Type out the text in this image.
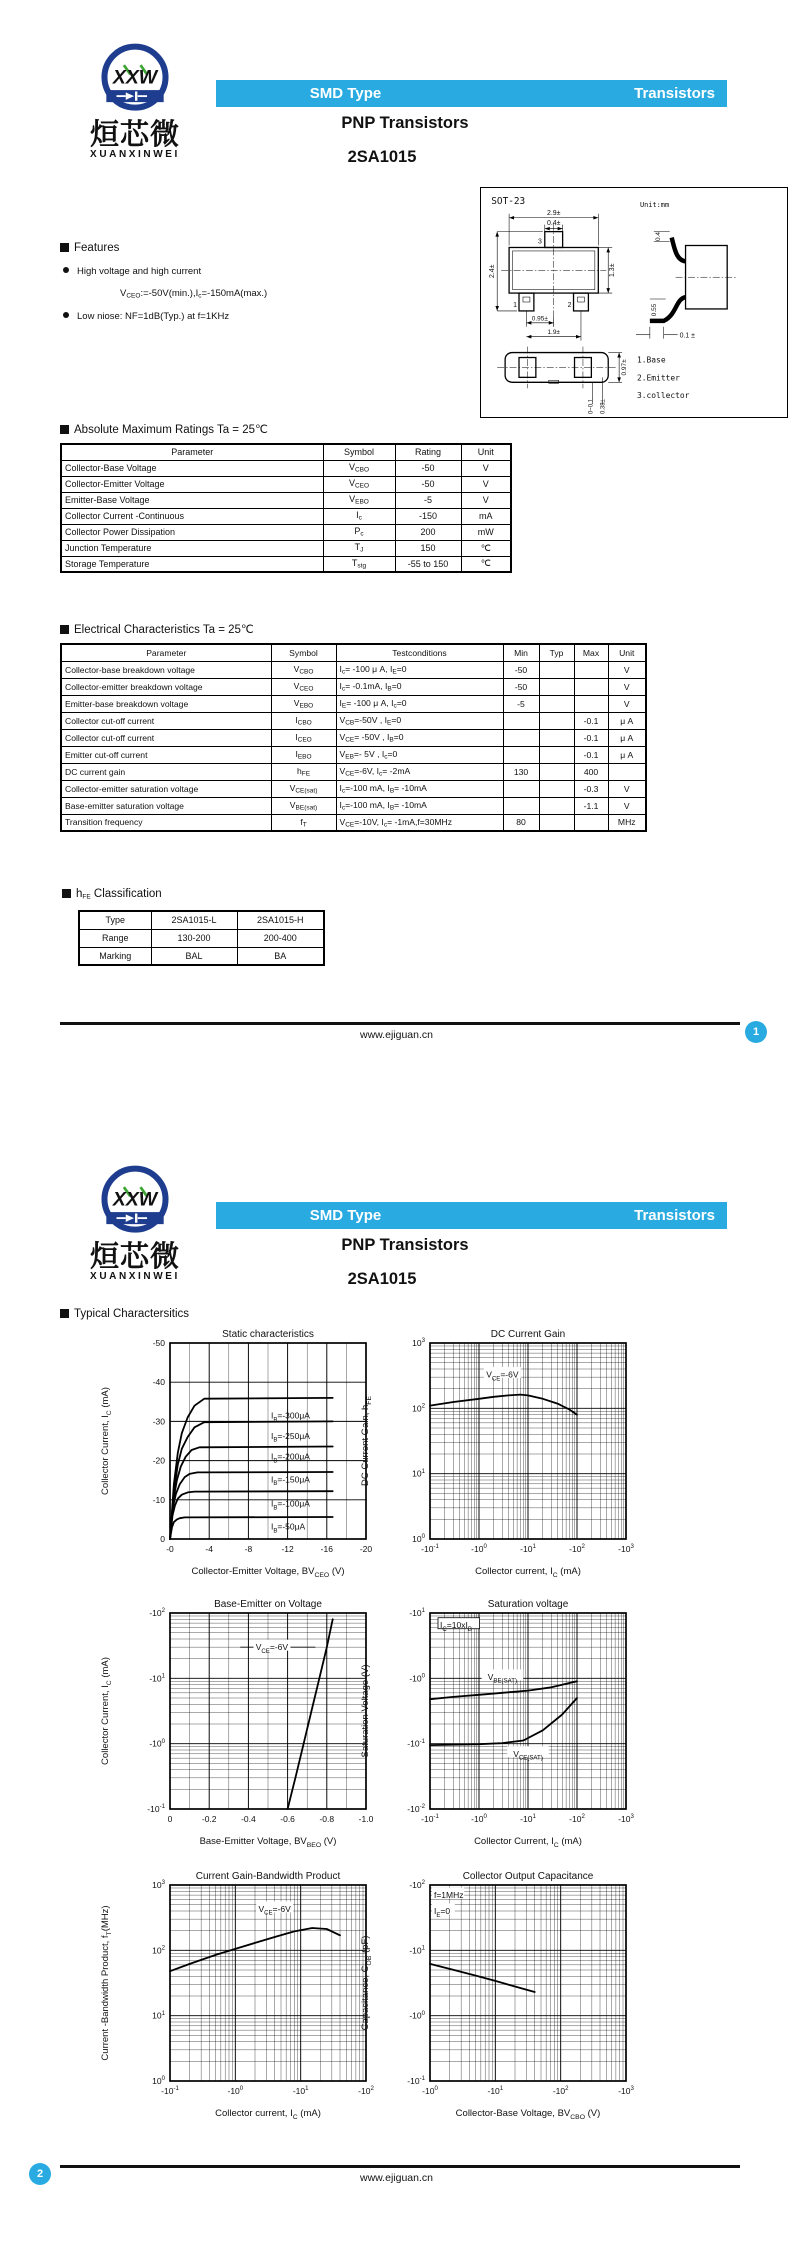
XXW
烜芯微
XUANXINWEI
SMD Type	Transistors
PNP Transistors
2SA1015
Features
High voltage and high current
$V_{CEO}:=-50V(\min.),I_c=-150mA(\max.)$
Low niose: NF=1dB(Typ.) at f=1KHz
SOT-23	Unit:mm
3
1	2
2.9±
0.4±
2.4±	1.3±
0.95±
1.9±
0.4
0.55
0.1 ±
0.97±
0~0.1 0.38±
1.Base
2.Emitter
3.collector
Absolute Maximum Ratings Ta = 25℃
Parameter	Symbol	Rating	Unit
Collector-Base Voltage	$V_{CBO}$	-50	V
Collector-Emitter Voltage	$V_{CEO}$	-50	V
Emitter-Base Voltage	$V_{EBO}$	-5	V
Collector Current -Continuous	$I_c$	-150	mA
Collector Power Dissipation	$P_c$	200	mW
Junction Temperature	$T_J$	150	℃
Storage Temperature	$T_{stg}$	-55 to 150	℃
Electrical Characteristics Ta = 25℃
Parameter	Symbol	Testconditions	Min	Typ	Max	Unit
Collector-base breakdown voltage	$V_{CBO}$	$I_c= -100$ μ A, $I_E=0$	-50			V
Collector-emitter breakdown voltage	$V_{CEO}$	$I_c= -0.1mA$, $I_B=0$	-50			V
Emitter-base breakdown voltage	$V_{EBO}$	$I_E= -100$ μ A, $I_c=0$	-5			V
Collector cut-off current	$I_{CBO}$	$V_{CB}=-50V$ , $I_E=0$			-0.1	μ A
Collector cut-off current	$I_{CEO}$	$V_{CE}= -50V$ , $I_B=0$			-0.1	μ A
Emitter cut-off current	$I_{EBO}$	$V_{EB}=-$ 5V , $I_c=0$			-0.1	μ A
DC current gain	$h_{FE}$	$V_{CE}=-6V$, $I_c= -2mA$	130		400	
Collector-emitter saturation voltage	$V_{CE(sat)}$	$I_c=-100$ mA, $I_B= -10mA$			-0.3	V
Base-emitter saturation voltage	$V_{BE(sat)}$	$I_c=-100$ mA, $I_B= -10mA$			-1.1	V
Transition frequency	$f_T$	$V_{CE}=-10V$, $I_c= -1mA,f=30MHz$	80			MHz
$h_{FE}$ Classification
Type	2SA1015-L	2SA1015-H
Range	130-200	200-400
Marking	BAL	BA
www.ejiguan.cn	1
XXW
烜芯微
XUANXINWEI
SMD Type	Transistors
PNP Transistors
2SA1015
Typical Charactersitics
-0	-4	-8	-12	-16	-20
0
-10
-20
-30
-40
-50
Static characteristics
Collector-Emitter Voltage, $BV_{CEO}$ (V)
Collector Current, $I_C$ (mA)
$I_B=-300\mu A$
$I_B=-250\mu A$
$I_B=-200\mu A$
$I_B=-150\mu A$
$I_B=-100\mu A$
$I_B=-50\mu A$
$-10^{-1}$	$-10^0$	$-10^1$	$-10^2$	$-10^3$
$10^0$
$10^1$
$10^2$
$10^3$
DC Current Gain
Collector current, $I_C$ (mA)
DC Current Gain, $h_{FE}$
$V_{CE}=-6V$
0	-0.2	-0.4	-0.6	-0.8	-1.0
$-10^{-1}$
$-10^0$
$-10^1$
$-10^2$
Base-Emitter on Voltage
Base-Emitter Voltage, $BV_{BEO}$ (V)
Collector Current, $I_C$ (mA)
$V_{CE}=-6V$
$-10^{-1}$	$-10^0$	$-10^1$	$-10^2$	$-10^3$
$-10^{-2}$
$-10^{-1}$
$-10^0$
$-10^1$
Saturation voltage
Collector Current, $I_C$ (mA)
Saturation Voltage (V)
$I_C=10xI_B$
$V_{BE(SAT)}$
$V_{CE(SAT)}$
$-10^{-1}$	$-10^0$	$-10^1$	$-10^2$
$10^0$
$10^1$
$10^2$
$10^3$
Current Gain-Bandwidth Product
Collector current, $I_C$ (mA)
Current -Bandwidth Product, $f_T(MHz)$	$V_{CE}=-6V$
$-10^0$	$-10^1$	$-10^2$	$-10^3$
$-10^{-1}$
$-10^0$
$-10^1$
$-10^2$
Collector Output Capacitance
Collector-Base Voltage, $BV_{CBO}$ (V)
Capacitance, $C_{OB}$ (pF)
f=1MHz
$I_E=0$
www.ejiguan.cn
2
